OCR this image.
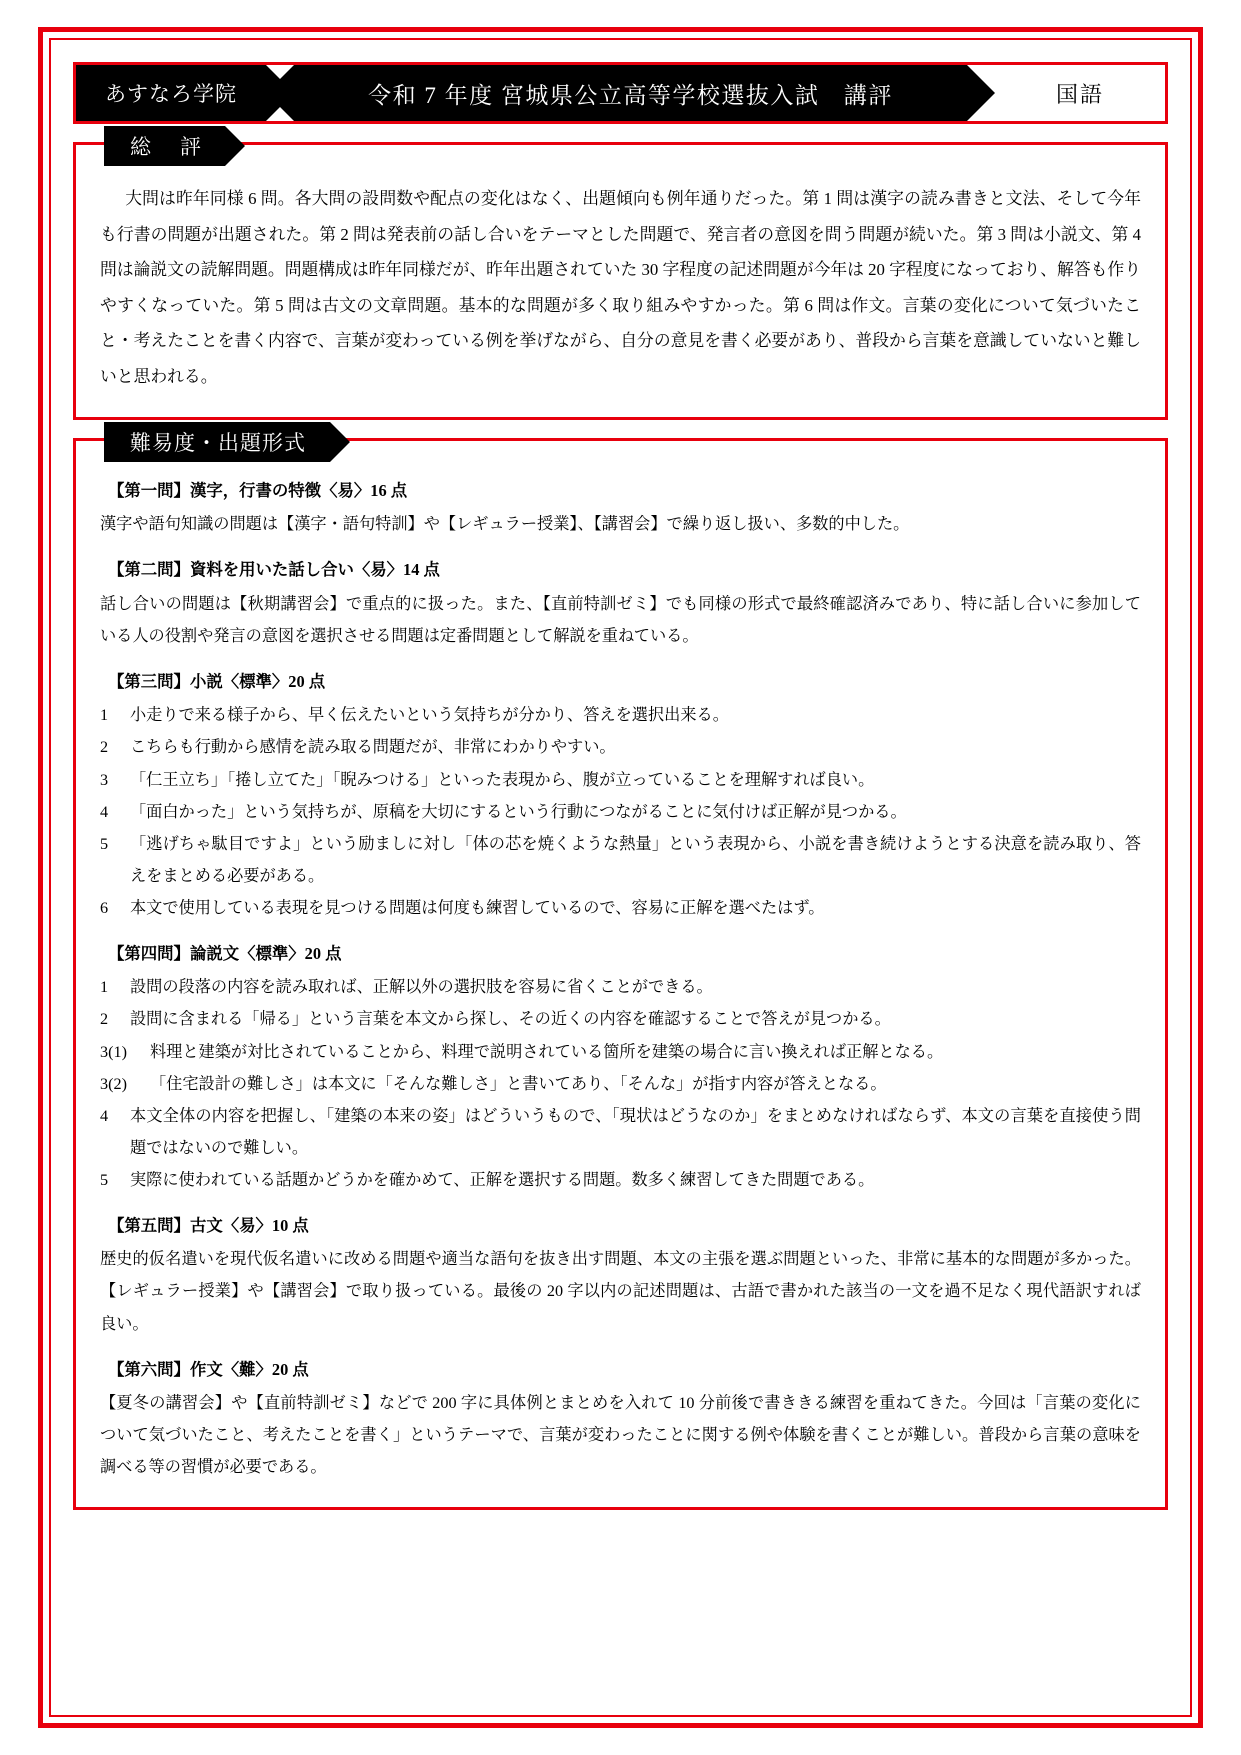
あすなろ学院	令和 7 年度 宮城県公立高等学校選抜入試　講評	国語
総　評

大問は昨年同様 6 問。各大問の設問数や配点の変化はなく、出題傾向も例年通りだった。第 1 問は漢字の読み書きと文法、そして今年も行書の問題が出題された。第 2 問は発表前の話し合いをテーマとした問題で、発言者の意図を問う問題が続いた。第 3 問は小説文、第 4 問は論説文の読解問題。問題構成は昨年同様だが、昨年出題されていた 30 字程度の記述問題が今年は 20 字程度になっており、解答も作りやすくなっていた。第 5 問は古文の文章問題。基本的な問題が多く取り組みやすかった。第 6 問は作文。言葉の変化について気づいたこと・考えたことを書く内容で、言葉が変わっている例を挙げながら、自分の意見を書く必要があり、普段から言葉を意識していないと難しいと思われる。

難易度・出題形式
【第一問】漢字，行書の特徴〈易〉16 点

漢字や語句知識の問題は【漢字・語句特訓】や【レギュラー授業】、【講習会】で繰り返し扱い、多数的中した。

【第二問】資料を用いた話し合い〈易〉14 点

話し合いの問題は【秋期講習会】で重点的に扱った。また、【直前特訓ゼミ】でも同様の形式で最終確認済みであり、特に話し合いに参加している人の役割や発言の意図を選択させる問題は定番問題として解説を重ねている。

【第三問】小説〈標準〉20 点
1	小走りで来る様子から、早く伝えたいという気持ちが分かり、答えを選択出来る。
2	こちらも行動から感情を読み取る問題だが、非常にわかりやすい。
3	「仁王立ち」「捲し立てた」「睨みつける」といった表現から、腹が立っていることを理解すれば良い。
4	「面白かった」という気持ちが、原稿を大切にするという行動につながることに気付けば正解が見つかる。
5	「逃げちゃ駄目ですよ」という励ましに対し「体の芯を焼くような熱量」という表現から、小説を書き続けようとする決意を読み取り、答えをまとめる必要がある。
6	本文で使用している表現を見つける問題は何度も練習しているので、容易に正解を選べたはず。
【第四問】論説文〈標準〉20 点
1	設問の段落の内容を読み取れば、正解以外の選択肢を容易に省くことができる。
2	設問に含まれる「帰る」という言葉を本文から探し、その近くの内容を確認することで答えが見つかる。
3(1)	料理と建築が対比されていることから、料理で説明されている箇所を建築の場合に言い換えれば正解となる。
3(2)	「住宅設計の難しさ」は本文に「そんな難しさ」と書いてあり、「そんな」が指す内容が答えとなる。
4	本文全体の内容を把握し、「建築の本来の姿」はどういうもので、「現状はどうなのか」をまとめなければならず、本文の言葉を直接使う問題ではないので難しい。
5	実際に使われている話題かどうかを確かめて、正解を選択する問題。数多く練習してきた問題である。
【第五問】古文〈易〉10 点

歴史的仮名遣いを現代仮名遣いに改める問題や適当な語句を抜き出す問題、本文の主張を選ぶ問題といった、非常に基本的な問題が多かった。【レギュラー授業】や【講習会】で取り扱っている。最後の 20 字以内の記述問題は、古語で書かれた該当の一文を過不足なく現代語訳すれば良い。

【第六問】作文〈難〉20 点

【夏冬の講習会】や【直前特訓ゼミ】などで 200 字に具体例とまとめを入れて 10 分前後で書ききる練習を重ねてきた。今回は「言葉の変化について気づいたこと、考えたことを書く」というテーマで、言葉が変わったことに関する例や体験を書くことが難しい。普段から言葉の意味を調べる等の習慣が必要である。
